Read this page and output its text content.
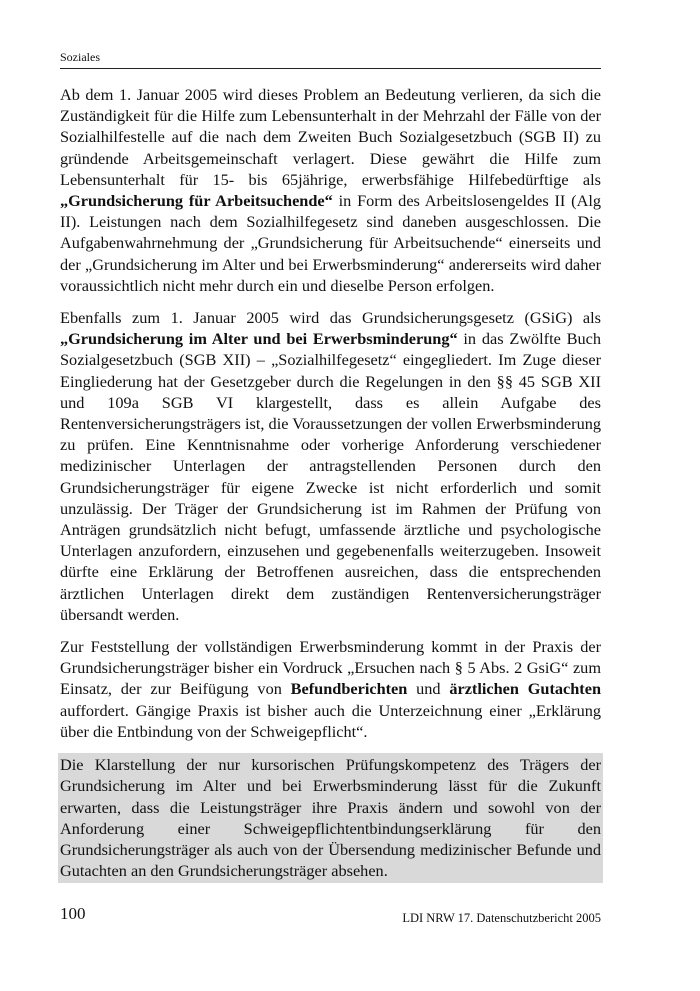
Soziales

Ab dem 1. Januar 2005 wird dieses Problem an Bedeutung verlieren, da sich die Zuständigkeit für die Hilfe zum Lebensunterhalt in der Mehrzahl der Fälle von der Sozialhilfestelle auf die nach dem Zweiten Buch Sozialgesetzbuch (SGB II) zu gründende Arbeitsgemeinschaft verlagert. Diese gewährt die Hilfe zum Lebensunterhalt für 15- bis 65jährige, erwerbsfähige Hilfebedürftige als „Grundsicherung für Arbeitsuchende“ in Form des Arbeitslosengeldes II (Alg II). Leistungen nach dem Sozialhilfegesetz sind daneben ausgeschlossen. Die Aufgabenwahrnehmung der „Grundsicherung für Arbeitsuchende“ einerseits und der „Grundsicherung im Alter und bei Erwerbsminderung“ andererseits wird daher voraussichtlich nicht mehr durch ein und dieselbe Person erfolgen.

Ebenfalls zum 1. Januar 2005 wird das Grundsicherungsgesetz (GSiG) als „Grundsicherung im Alter und bei Erwerbsminderung“ in das Zwölfte Buch Sozialgesetzbuch (SGB XII) – „Sozialhilfegesetz“ eingegliedert. Im Zuge dieser Eingliederung hat der Gesetzgeber durch die Regelungen in den §§ 45 SGB XII und 109a SGB VI klargestellt, dass es allein Aufgabe des Rentenversicherungsträgers ist, die Voraussetzungen der vollen Erwerbsminderung zu prüfen. Eine Kenntnisnahme oder vorherige Anforderung verschiedener medizinischer Unterlagen der antragstellenden Personen durch den Grundsicherungsträger für eigene Zwecke ist nicht erforderlich und somit unzulässig. Der Träger der Grundsicherung ist im Rahmen der Prüfung von Anträgen grundsätzlich nicht befugt, umfassende ärztliche und psychologische Unterlagen anzufordern, einzusehen und gegebenenfalls weiterzugeben. Insoweit dürfte eine Erklärung der Betroffenen ausreichen, dass die entsprechenden ärztlichen Unterlagen direkt dem zuständigen Rentenversicherungsträger übersandt werden.

Zur Feststellung der vollständigen Erwerbsminderung kommt in der Praxis der Grundsicherungsträger bisher ein Vordruck „Ersuchen nach § 5 Abs. 2 GsiG“ zum Einsatz, der zur Beifügung von Befundberichten und ärztlichen Gutachten auffordert. Gängige Praxis ist bisher auch die Unterzeichnung einer „Erklärung über die Entbindung von der Schweigepflicht“.

Die Klarstellung der nur kursorischen Prüfungskompetenz des Trägers der Grundsicherung im Alter und bei Erwerbsminderung lässt für die Zukunft erwarten, dass die Leistungsträger ihre Praxis ändern und sowohl von der Anforderung einer Schweigepflichtentbindungserklärung für den Grundsicherungsträger als auch von der Übersendung medizinischer Befunde und Gutachten an den Grundsicherungsträger absehen.

100	LDI NRW 17. Datenschutzbericht 2005
